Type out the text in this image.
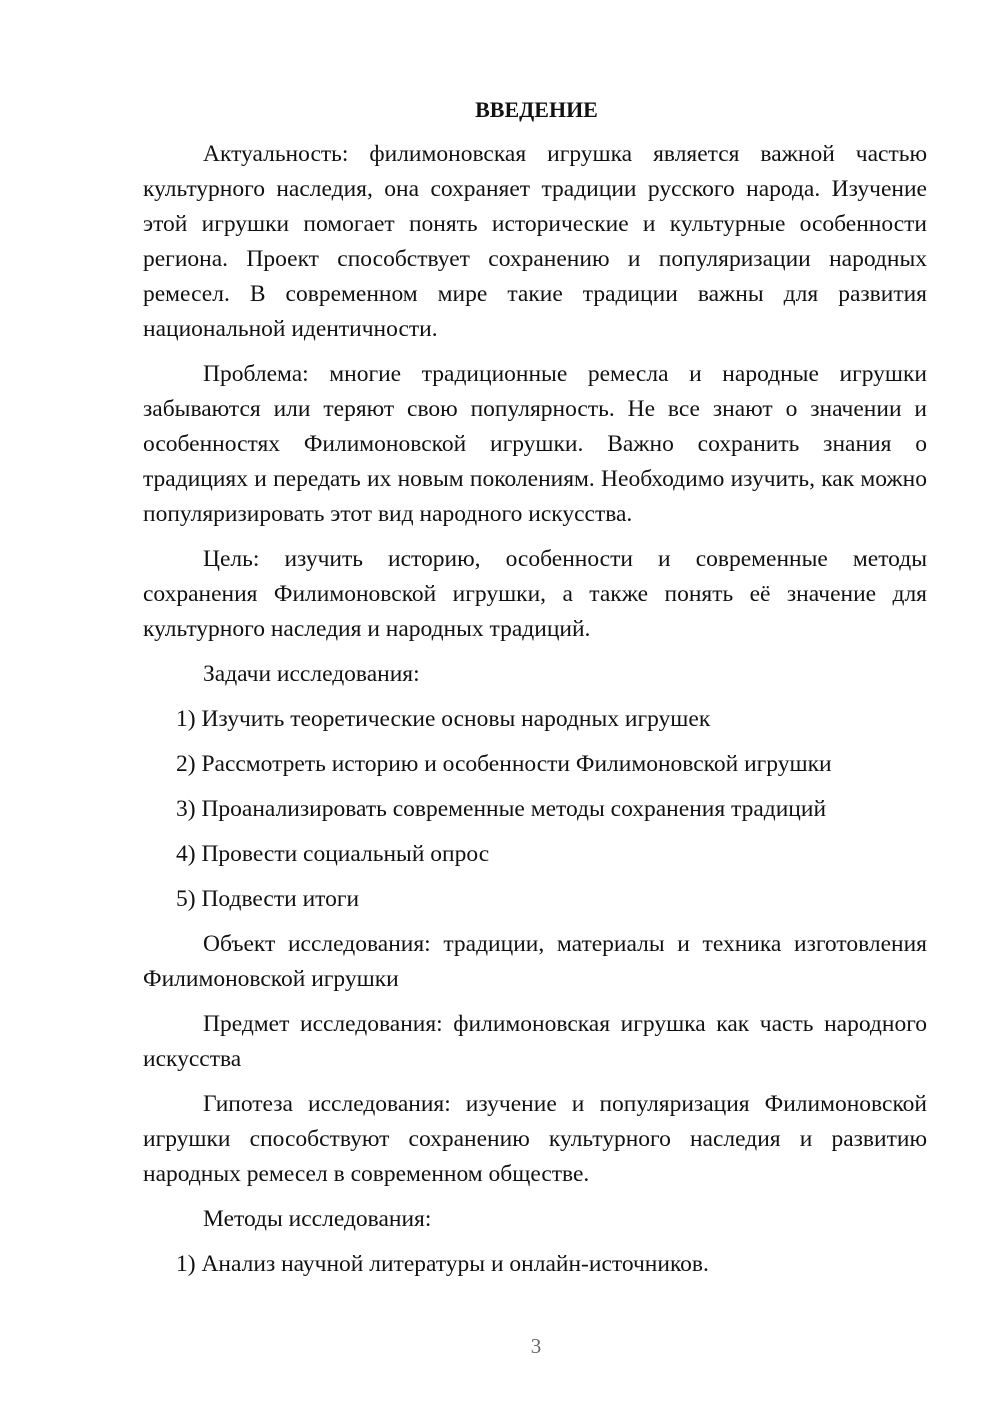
ВВЕДЕНИЕ

Актуальность: филимоновская игрушка является важной частью культурного наследия, она сохраняет традиции русского народа. Изучение этой игрушки помогает понять исторические и культурные особенности региона. Проект способствует сохранению и популяризации народных ремесел. В современном мире такие традиции важны для развития национальной идентичности.

Проблема: многие традиционные ремесла и народные игрушки забываются или теряют свою популярность. Не все знают о значении и особенностях Филимоновской игрушки. Важно сохранить знания о традициях и передать их новым поколениям. Необходимо изучить, как можно популяризировать этот вид народного искусства.

Цель: изучить историю, особенности и современные методы сохранения Филимоновской игрушки, а также понять её значение для культурного наследия и народных традиций.

Задачи исследования:

1) Изучить теоретические основы народных игрушек
2) Рассмотреть историю и особенности Филимоновской игрушки
3) Проанализировать современные методы сохранения традиций
4) Провести социальный опрос
5) Подвести итоги

Объект исследования: традиции, материалы и техника изготовления Филимоновской игрушки

Предмет исследования: филимоновская игрушка как часть народного искусства

Гипотеза исследования: изучение и популяризация Филимоновской игрушки способствуют сохранению культурного наследия и развитию народных ремесел в современном обществе.

Методы исследования:

1) Анализ научной литературы и онлайн-источников.
3
